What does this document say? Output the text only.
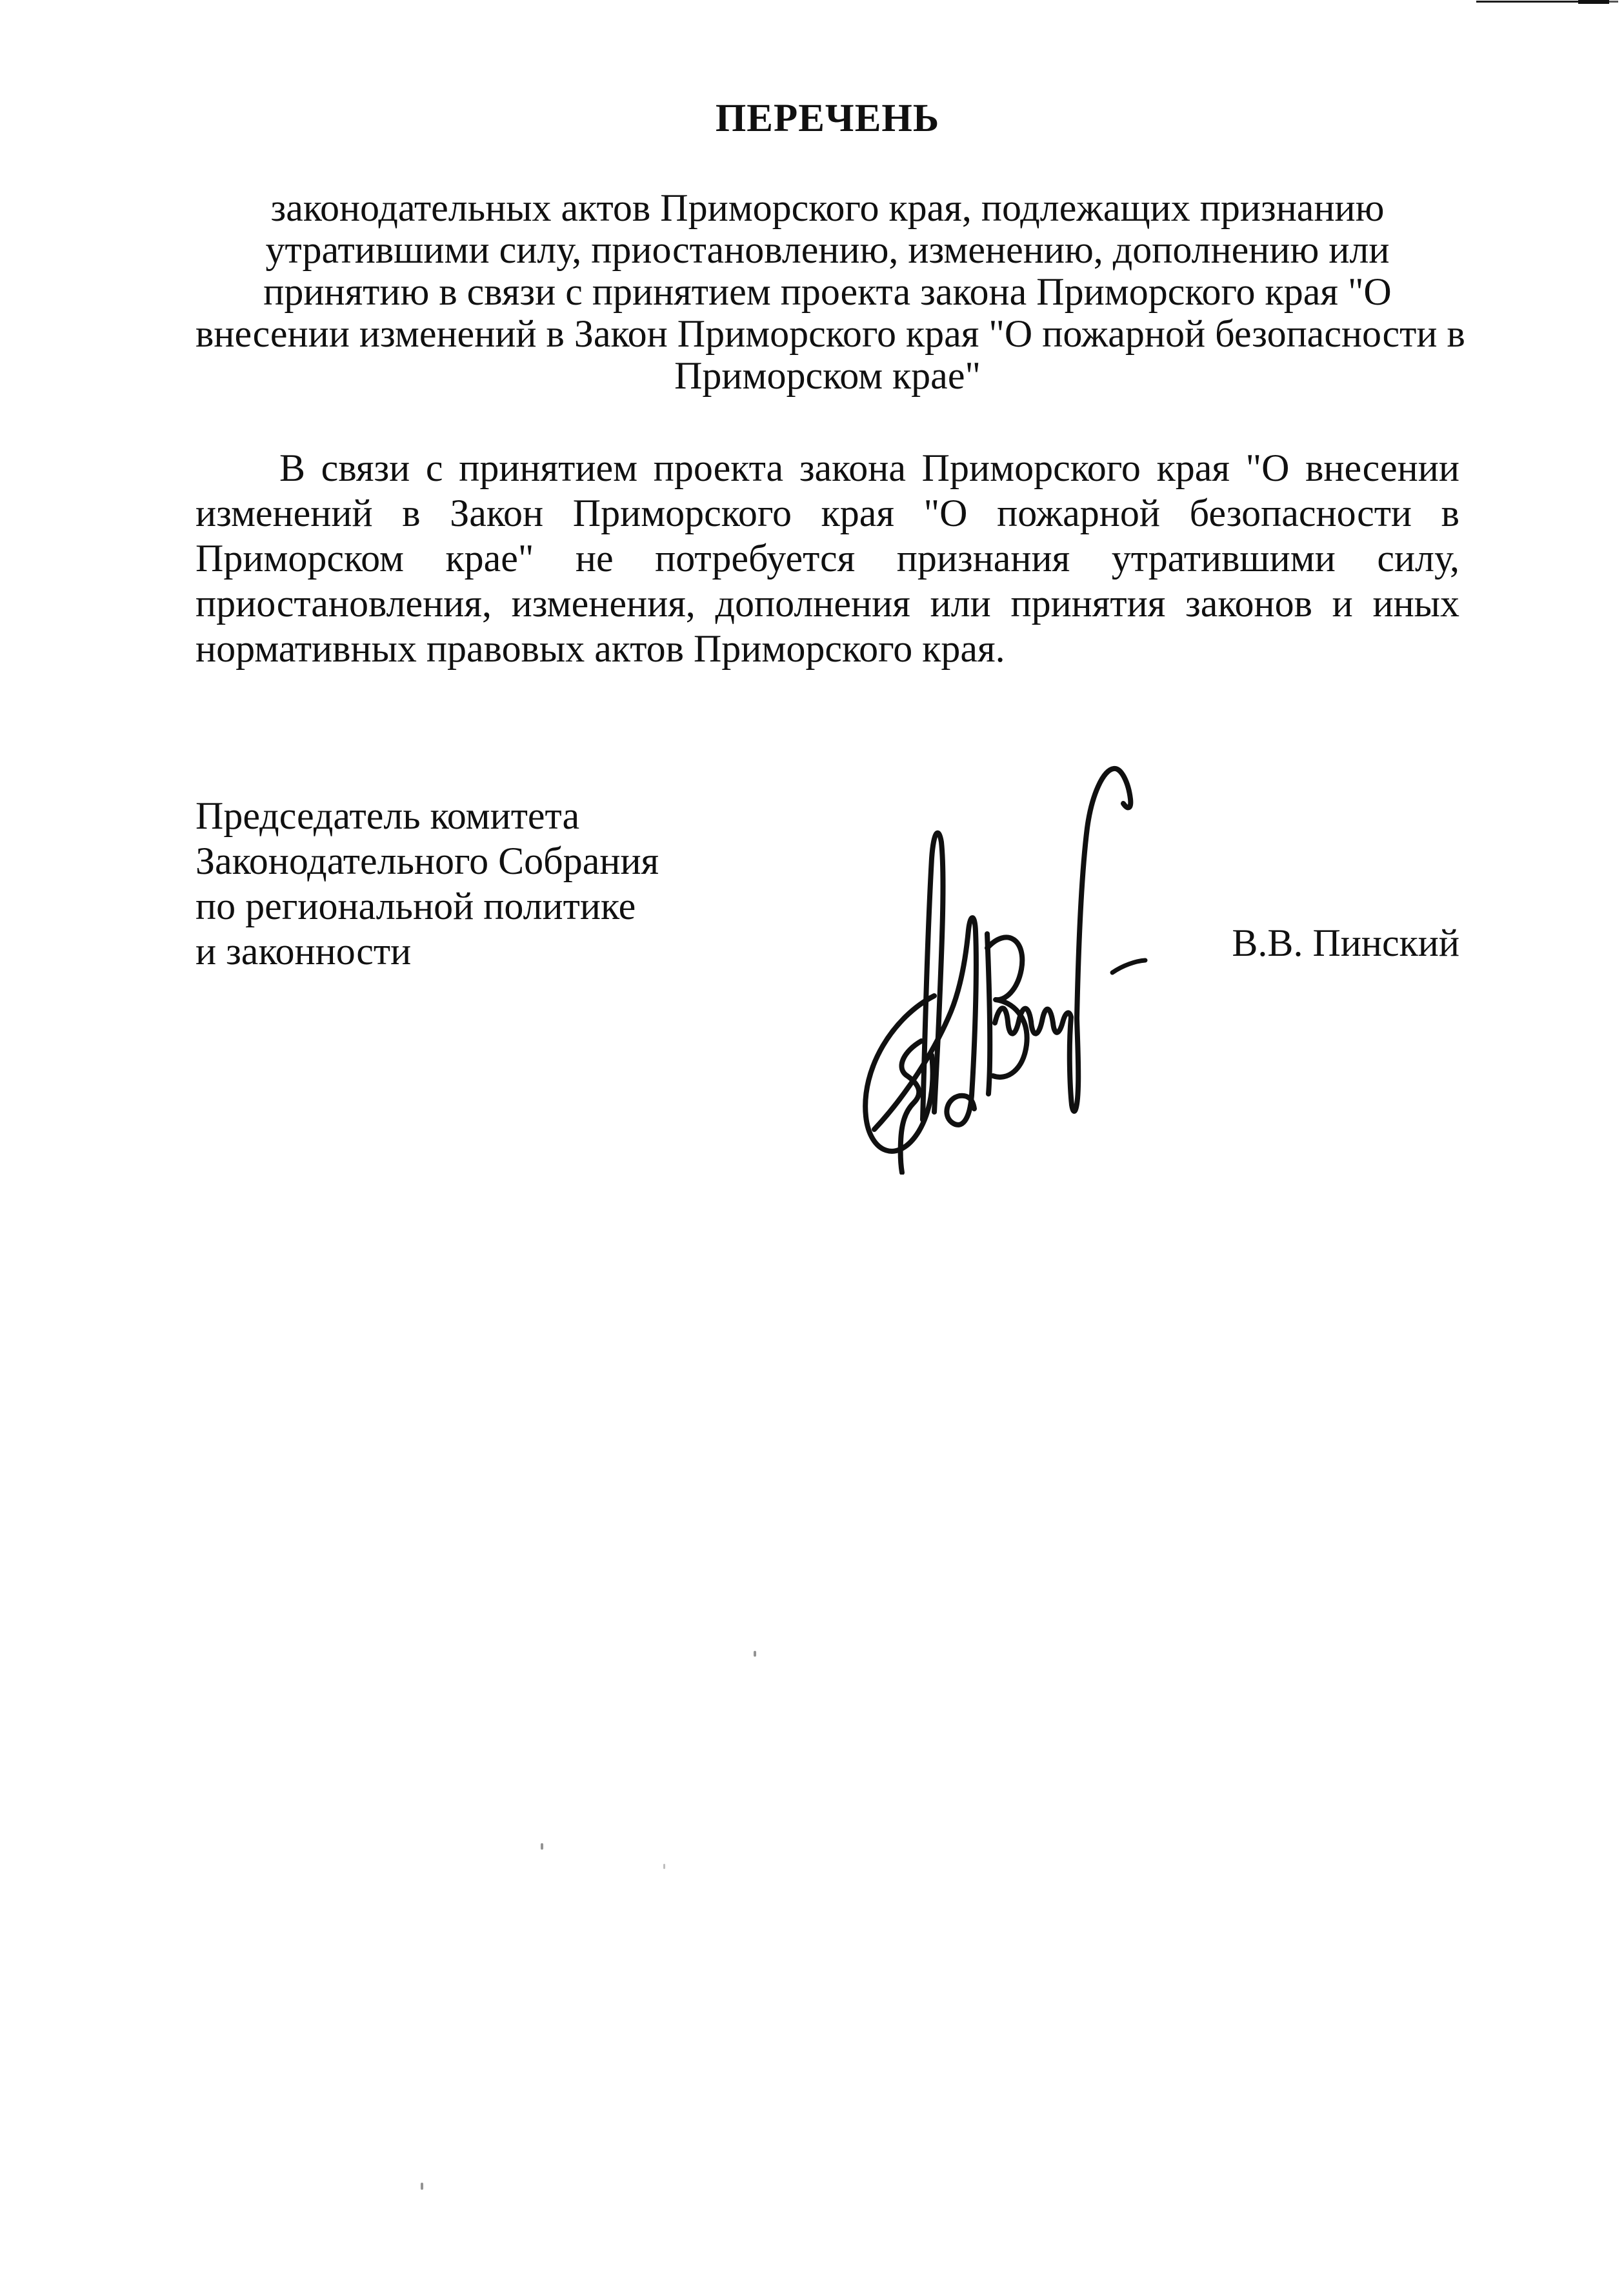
ПЕРЕЧЕНЬ
законодательных актов Приморского края, подлежащих признанию
утратившими силу, приостановлению, изменению, дополнению или
принятию в связи с принятием проекта закона Приморского края "О
внесении изменений в Закон Приморского края "О пожарной безопасности в
Приморском крае"
В связи с принятием проекта закона Приморского края "О внесении
изменений в Закон Приморского края "О пожарной безопасности в
Приморском крае" не потребуется признания утратившими силу,
приостановления, изменения, дополнения или принятия законов и иных
нормативных правовых актов Приморского края.
Председатель комитета
Законодательного Собрания
по региональной политике
и законности	В.В. Пинский
